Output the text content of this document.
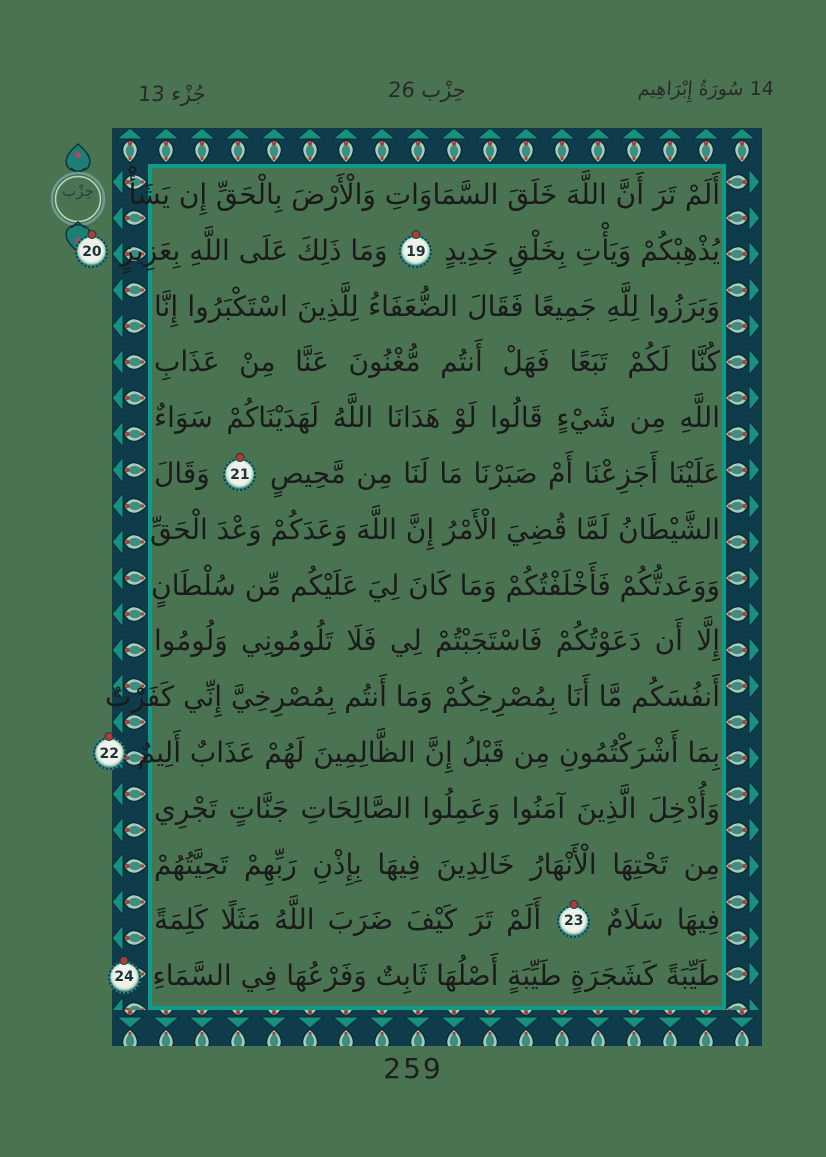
جُزْء 13	حِزْب 26	14 سُورَةُ إِبْرَاهِيم
حِزْب	أَلَمْ تَرَ أَنَّ اللَّهَ خَلَقَ السَّمَاوَاتِ وَالْأَرْضَ بِالْحَقِّ إِن يَشَأْ
يُذْهِبْكُمْ وَيَأْتِ بِخَلْقٍ جَدِيدٍ 19 وَمَا ذَلِكَ عَلَى اللَّهِ بِعَزِيزٍ 20
وَبَرَزُوا لِلَّهِ جَمِيعًا فَقَالَ الضُّعَفَاءُ لِلَّذِينَ اسْتَكْبَرُوا إِنَّا
كُنَّا لَكُمْ تَبَعًا فَهَلْ أَنتُم مُّغْنُونَ عَنَّا مِنْ عَذَابِ
اللَّهِ مِن شَيْءٍ قَالُوا لَوْ هَدَانَا اللَّهُ لَهَدَيْنَاكُمْ سَوَاءٌ
عَلَيْنَا أَجَزِعْنَا أَمْ صَبَرْنَا مَا لَنَا مِن مَّحِيصٍ 21 وَقَالَ
الشَّيْطَانُ لَمَّا قُضِيَ الْأَمْرُ إِنَّ اللَّهَ وَعَدَكُمْ وَعْدَ الْحَقِّ
وَوَعَدتُّكُمْ فَأَخْلَفْتُكُمْ وَمَا كَانَ لِيَ عَلَيْكُم مِّن سُلْطَانٍ
إِلَّا أَن دَعَوْتُكُمْ فَاسْتَجَبْتُمْ لِي فَلَا تَلُومُونِي وَلُومُوا
أَنفُسَكُم مَّا أَنَا بِمُصْرِخِكُمْ وَمَا أَنتُم بِمُصْرِخِيَّ إِنِّي كَفَرْتُ
بِمَا أَشْرَكْتُمُونِ مِن قَبْلُ إِنَّ الظَّالِمِينَ لَهُمْ عَذَابٌ أَلِيمٌ 22
وَأُدْخِلَ الَّذِينَ آمَنُوا وَعَمِلُوا الصَّالِحَاتِ جَنَّاتٍ تَجْرِي
مِن تَحْتِهَا الْأَنْهَارُ خَالِدِينَ فِيهَا بِإِذْنِ رَبِّهِمْ تَحِيَّتُهُمْ
فِيهَا سَلَامٌ 23 أَلَمْ تَرَ كَيْفَ ضَرَبَ اللَّهُ مَثَلًا كَلِمَةً
طَيِّبَةً كَشَجَرَةٍ طَيِّبَةٍ أَصْلُهَا ثَابِتٌ وَفَرْعُهَا فِي السَّمَاءِ 24
259
